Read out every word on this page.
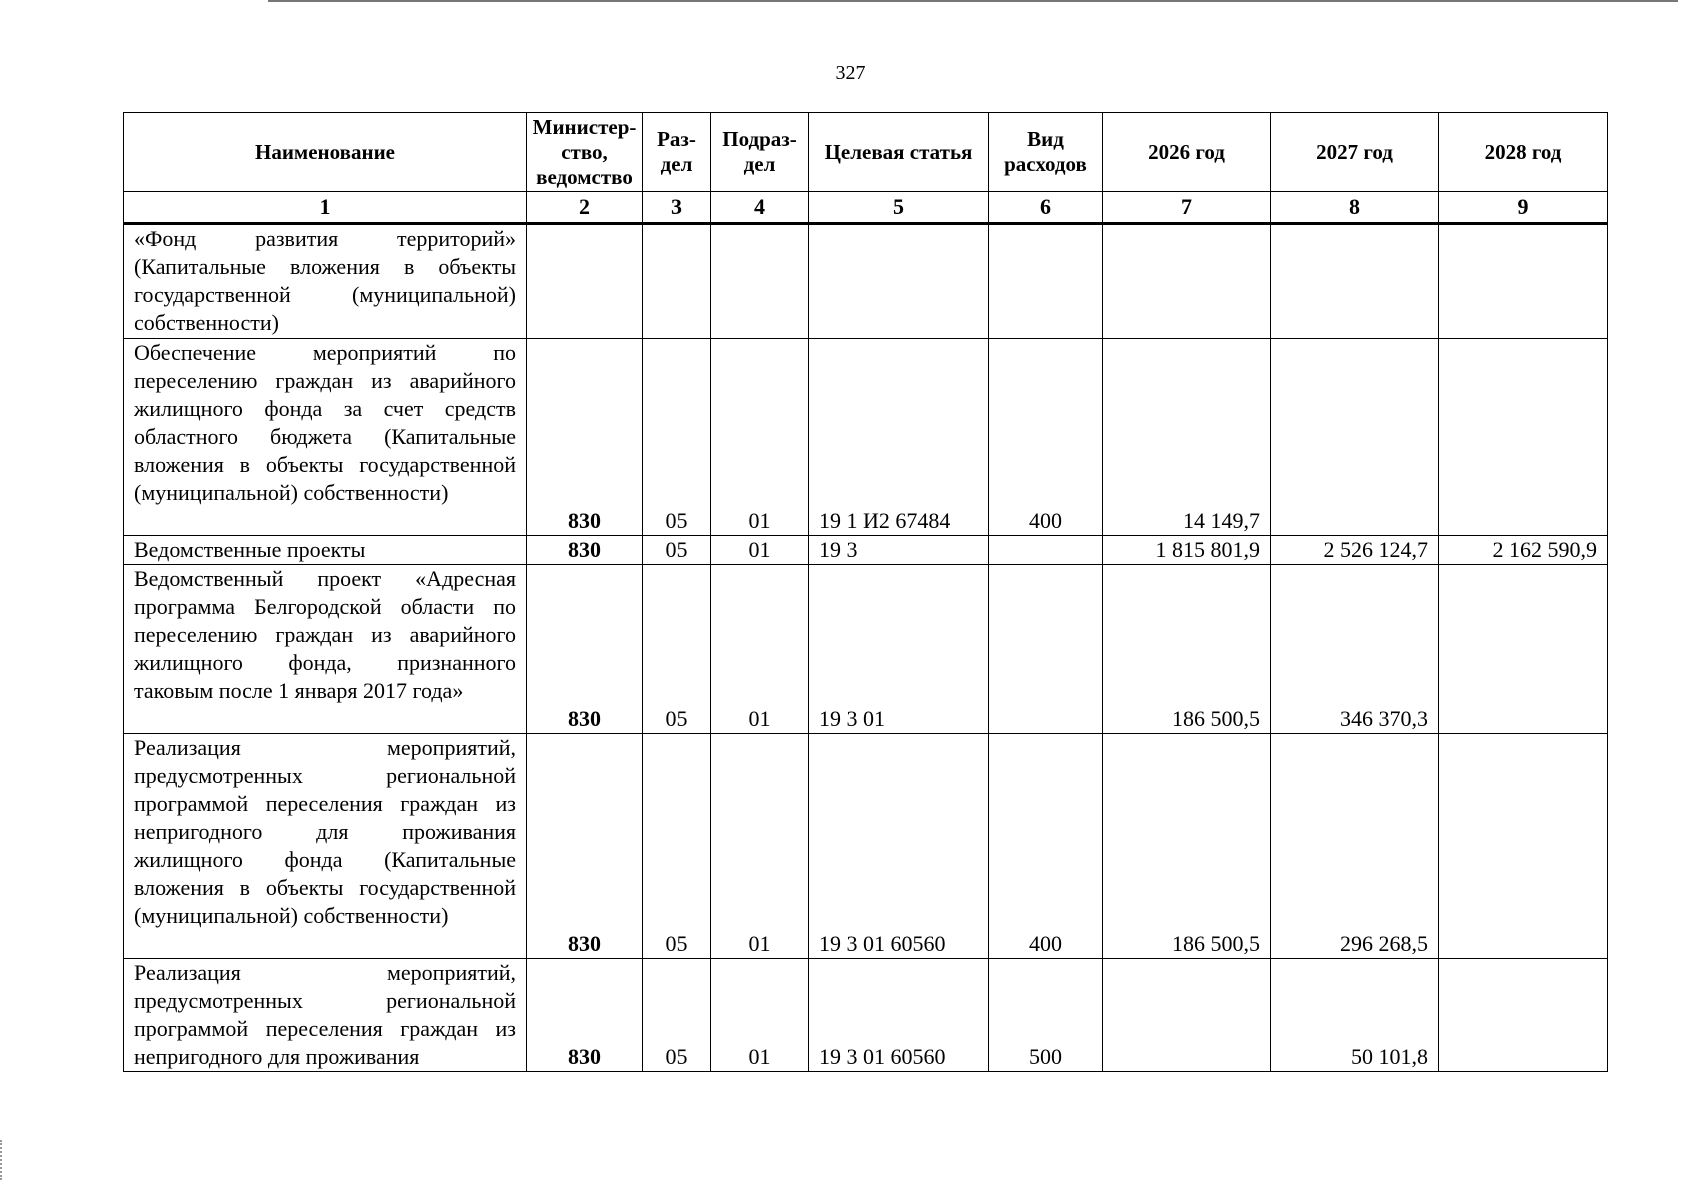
327
Наименование	Министер-ство, ведомство	Раз-дел	Подраз-дел	Целевая статья	Вид расходов	2026 год	2027 год	2028 год
1	2	3	4	5	6	7	8	9
«Фонд развития территорий» (Капитальные вложения в объекты государственной (муниципальной) собственности)								
Обеспечение мероприятий по переселению граждан из аварийного жилищного фонда за счет средств областного бюджета (Капитальные вложения в объекты государственной (муниципальной) собственности)	830	05	01	19 1 И2 67484	400	14 149,7		
Ведомственные проекты	830	05	01	19 3		1 815 801,9	2 526 124,7	2 162 590,9
Ведомственный проект «Адресная программа Белгородской области по переселению граждан из аварийного жилищного фонда, признанного таковым после 1 января 2017 года»	830	05	01	19 3 01		186 500,5	346 370,3	
Реализация мероприятий, предусмотренных региональной программой переселения граждан из непригодного для проживания жилищного фонда (Капитальные вложения в объекты государственной (муниципальной) собственности)	830	05	01	19 3 01 60560	400	186 500,5	296 268,5	
Реализация мероприятий, предусмотренных региональной программой переселения граждан из непригодного для проживания	830	05	01	19 3 01 60560	500		50 101,8	
